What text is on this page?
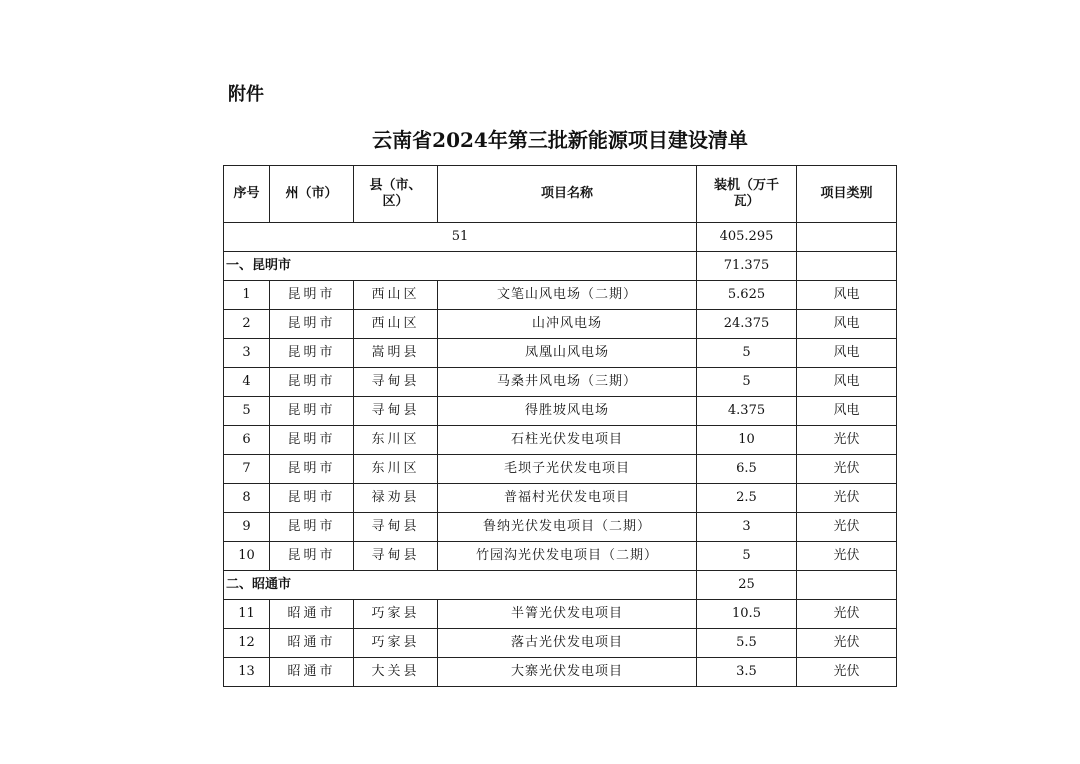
附件
云南省2024年第三批新能源项目建设清单
序号	州（市）	县（市、区）	项目名称	装机（万千瓦）	项目类别
51				405.295	
一、昆明市				71.375	
1	昆明市	西山区	文笔山风电场（二期）	5.625	风电
2	昆明市	西山区	山冲风电场	24.375	风电
3	昆明市	嵩明县	凤凰山风电场	5	风电
4	昆明市	寻甸县	马桑井风电场（三期）	5	风电
5	昆明市	寻甸县	得胜坡风电场	4.375	风电
6	昆明市	东川区	石柱光伏发电项目	10	光伏
7	昆明市	东川区	毛坝子光伏发电项目	6.5	光伏
8	昆明市	禄劝县	普福村光伏发电项目	2.5	光伏
9	昆明市	寻甸县	鲁纳光伏发电项目（二期）	3	光伏
10	昆明市	寻甸县	竹园沟光伏发电项目（二期）	5	光伏
二、昭通市				25	
11	昭通市	巧家县	半箐光伏发电项目	10.5	光伏
12	昭通市	巧家县	落古光伏发电项目	5.5	光伏
13	昭通市	大关县	大寨光伏发电项目	3.5	光伏
